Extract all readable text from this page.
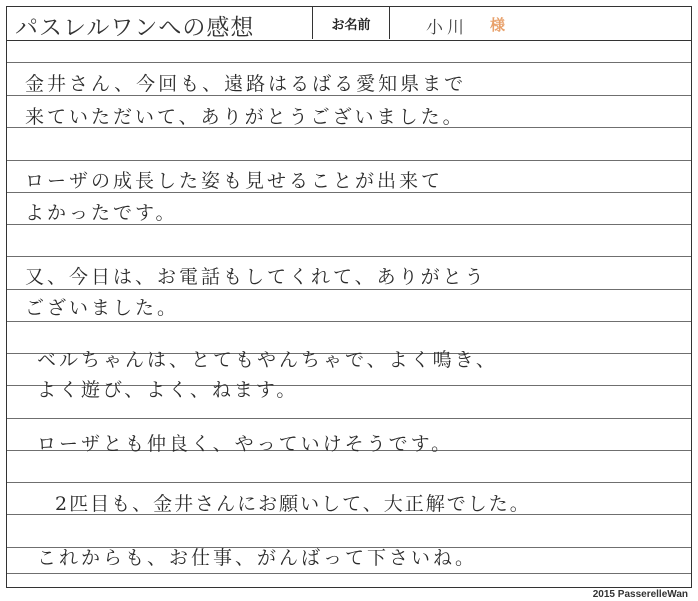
パスレルワンへの感想	お名前	小川 様
金井さん、今回も、遠路はるばる愛知県まで
来ていただいて、ありがとうございました。
ローザの成長した姿も見せることが出来て
よかったです。
又、今日は、お電話もしてくれて、ありがとう
ございました。
ベルちゃんは、とてもやんちゃで、よく鳴き、
よく遊び、よく、ねます。
ローザとも仲良く、やっていけそうです。
2匹目も、金井さんにお願いして、大正解でした。
これからも、お仕事、がんばって下さいね。
2015 PasserelleWan
